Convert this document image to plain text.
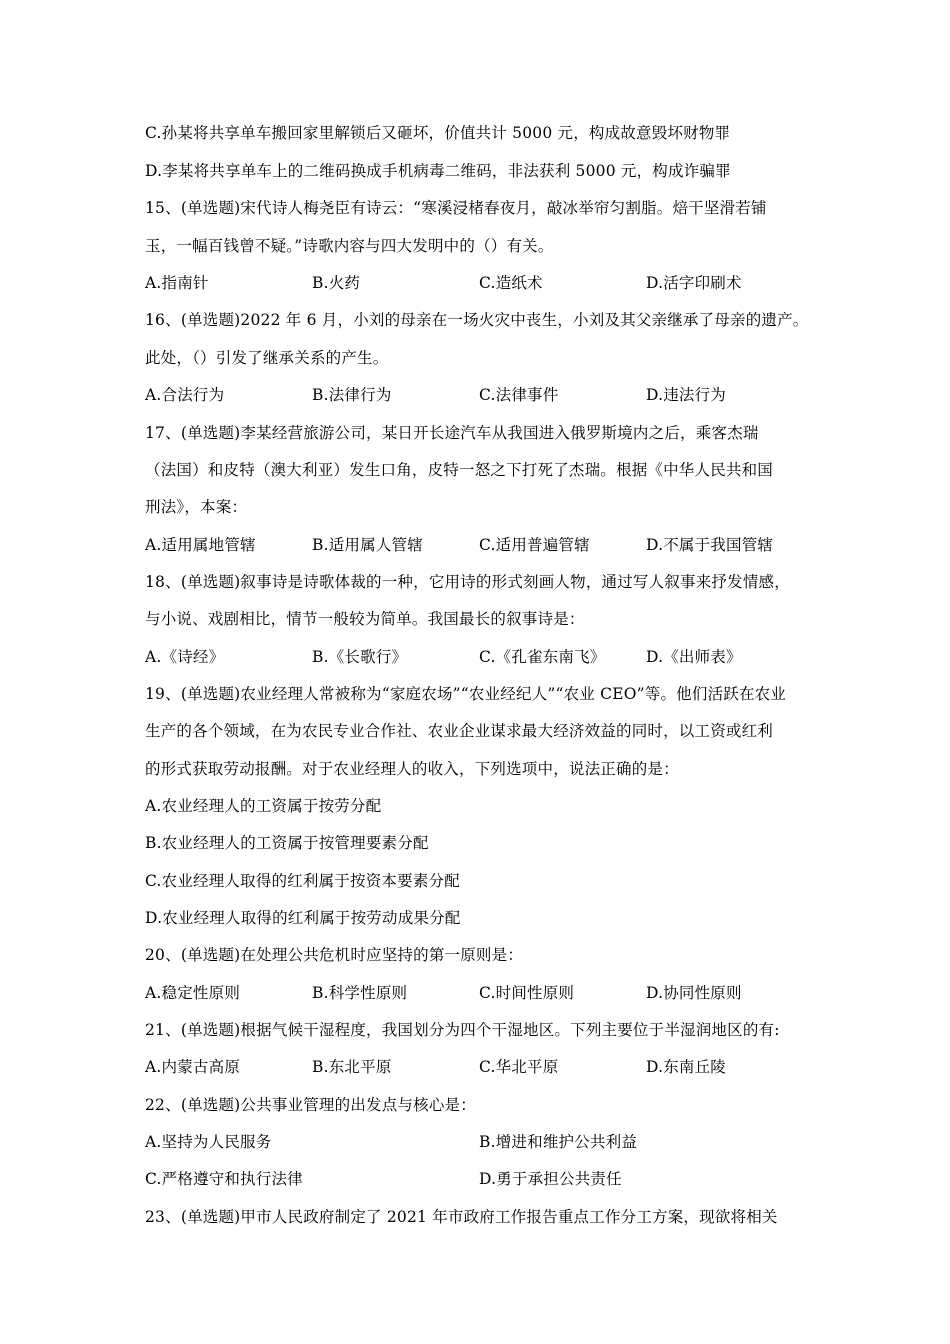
C.孙某将共享单车搬回家里解锁后又砸坏，价值共计 5000 元，构成故意毁坏财物罪
D.李某将共享单车上的二维码换成手机病毒二维码，非法获利 5000 元，构成诈骗罪
15、(单选题)宋代诗人梅尧臣有诗云：“寒溪浸楮春夜月，敲冰举帘匀割脂。焙干坚滑若铺
玉，一幅百钱曾不疑。”诗歌内容与四大发明中的（）有关。
A.指南针	B.火药	C.造纸术	D.活字印刷术
16、(单选题)2022 年 6 月，小刘的母亲在一场火灾中丧生，小刘及其父亲继承了母亲的遗产。
此处，（）引发了继承关系的产生。
A.合法行为	B.法律行为	C.法律事件	D.违法行为
17、(单选题)李某经营旅游公司，某日开长途汽车从我国进入俄罗斯境内之后，乘客杰瑞
（法国）和皮特（澳大利亚）发生口角，皮特一怒之下打死了杰瑞。根据《中华人民共和国
刑法》，本案：
A.适用属地管辖	B.适用属人管辖	C.适用普遍管辖	D.不属于我国管辖
18、(单选题)叙事诗是诗歌体裁的一种，它用诗的形式刻画人物，通过写人叙事来抒发情感，
与小说、戏剧相比，情节一般较为简单。我国最长的叙事诗是：
A.《诗经》	B.《长歌行》	C.《孔雀东南飞》	D.《出师表》
19、(单选题)农业经理人常被称为“家庭农场”“农业经纪人”“农业 CEO”等。他们活跃在农业
生产的各个领域，在为农民专业合作社、农业企业谋求最大经济效益的同时，以工资或红利
的形式获取劳动报酬。对于农业经理人的收入，下列选项中，说法正确的是：
A.农业经理人的工资属于按劳分配
B.农业经理人的工资属于按管理要素分配
C.农业经理人取得的红利属于按资本要素分配
D.农业经理人取得的红利属于按劳动成果分配
20、(单选题)在处理公共危机时应坚持的第一原则是：
A.稳定性原则	B.科学性原则	C.时间性原则	D.协同性原则
21、(单选题)根据气候干湿程度，我国划分为四个干湿地区。下列主要位于半湿润地区的有:
A.内蒙古高原	B.东北平原	C.华北平原	D.东南丘陵
22、(单选题)公共事业管理的出发点与核心是：
A.坚持为人民服务	B.增进和维护公共利益
C.严格遵守和执行法律	D.勇于承担公共责任
23、(单选题)甲市人民政府制定了 2021 年市政府工作报告重点工作分工方案，现欲将相关
